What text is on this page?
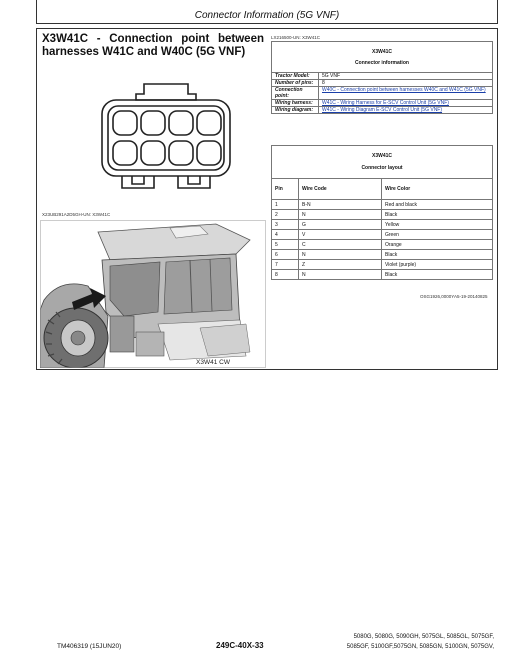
Connector Information (5G VNF)
X3W41C - Connection point between harnesses W41C and W40C (5G VNF)
X23UB291A2D5GH-UN: X3W41C
X3W41 CW
LX216500-UN: X3W41C
X3W41C
Connector information	

Tractor Model:	5G VNF
Number of pins:	8
Connection point:	W40C - Connection point between harnesses W40C and W41C (5G VNF)
Wiring harness:	W41C - Wiring Harness for E-SCV Control Unit (5G VNF)
Wiring diagram:	W41C - Wiring Diagram E-SCV Control Unit (5G VNF)
X3W41C
Connector layout		

Pin	Wire Code	Wire Color
1	B-N	Red and black
2	N	Black
3	G	Yellow
4	V	Green
5	C	Orange
6	N	Black
7	Z	Violet (purple)
8	N	Black
OSG1926,0000YA5-19-20140825
TM406319 (15JUN20)	249C-40X-33
5080G, 5080G, 5090GH, 5075GL, 5085GL, 5075GF,
5085GF, 5100GF,5075GN, 5085GN, 5100GN, 5075GV,
